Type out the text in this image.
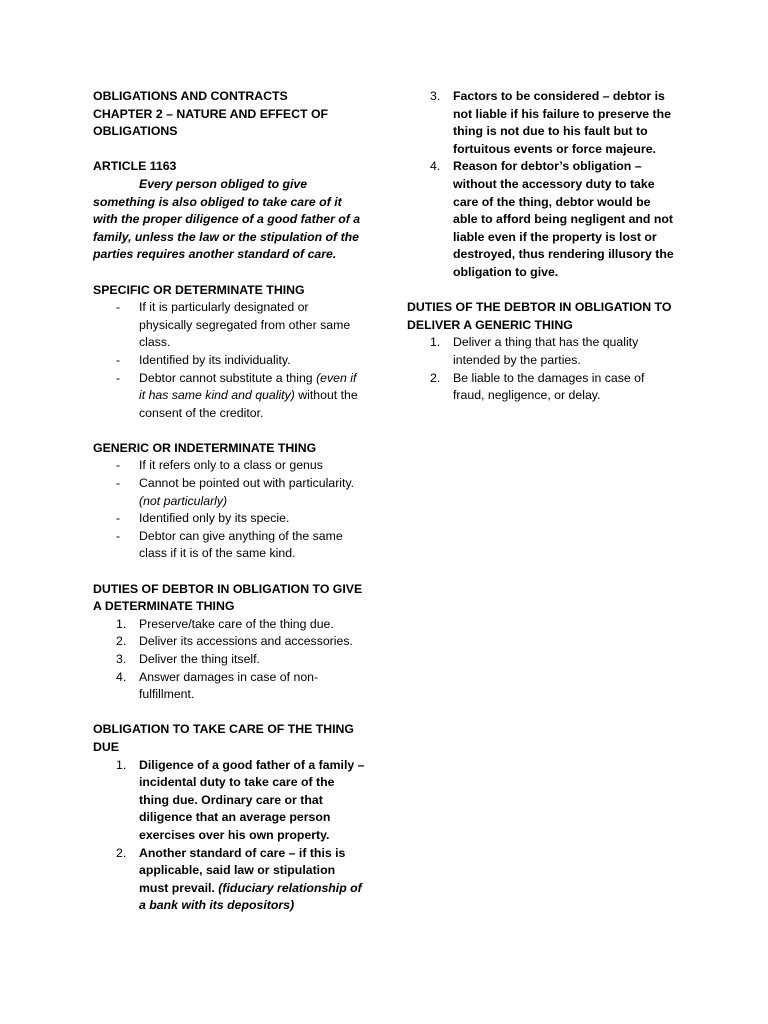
OBLIGATIONS AND CONTRACTS

CHAPTER 2 – NATURE AND EFFECT OF OBLIGATIONS

ARTICLE 1163

Every person obliged to give something is also obliged to take care of it with the proper diligence of a good father of a family, unless the law or the stipulation of the parties requires another standard of care.

SPECIFIC OR DETERMINATE THING

- If it is particularly designated or physically segregated from other same class.
- Identified by its individuality.
- Debtor cannot substitute a thing (even if it has same kind and quality) without the consent of the creditor.

GENERIC OR INDETERMINATE THING

- If it refers only to a class or genus
- Cannot be pointed out with particularity. (not particularly)
- Identified only by its specie.
- Debtor can give anything of the same class if it is of the same kind.

DUTIES OF DEBTOR IN OBLIGATION TO GIVE A DETERMINATE THING

1. Preserve/take care of the thing due.
2. Deliver its accessions and accessories.
3. Deliver the thing itself.
4. Answer damages in case of non-fulfillment.

OBLIGATION TO TAKE CARE OF THE THING DUE

1. Diligence of a good father of a family – incidental duty to take care of the thing due. Ordinary care or that diligence that an average person exercises over his own property.
2. Another standard of care – if this is applicable, said law or stipulation must prevail. (fiduciary relationship of a bank with its depositors)
3. Factors to be considered – debtor is not liable if his failure to preserve the thing is not due to his fault but to fortuitous events or force majeure.
4. Reason for debtor’s obligation – without the accessory duty to take care of the thing, debtor would be able to afford being negligent and not liable even if the property is lost or destroyed, thus rendering illusory the obligation to give.

DUTIES OF THE DEBTOR IN OBLIGATION TO DELIVER A GENERIC THING

1. Deliver a thing that has the quality intended by the parties.
2. Be liable to the damages in case of fraud, negligence, or delay.
